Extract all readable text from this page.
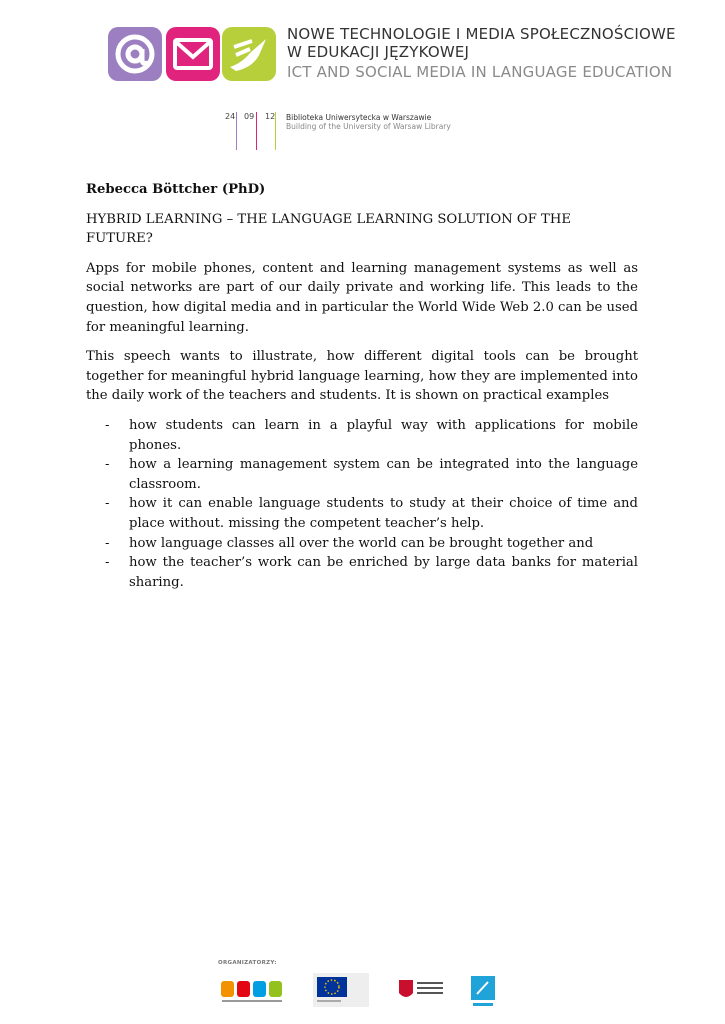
NOWE TECHNOLOGIE I MEDIA SPOŁECZNOŚCIOWE
W EDUKACJI JĘZYKOWEJ
ICT AND SOCIAL MEDIA IN LANGUAGE EDUCATION
24 09 12 Biblioteka Uniwersytecka w Warszawie
Building of the University of Warsaw Library

Rebecca Böttcher (PhD)

HYBRID LEARNING – THE LANGUAGE LEARNING SOLUTION OF THE FUTURE?

Apps for mobile phones, content and learning management systems as well as social networks are part of our daily private and working life. This leads to the question, how digital media and in particular the World Wide Web 2.0 can be used for meaningful learning.

This speech wants to illustrate, how different digital tools can be brought together for meaningful hybrid language learning, how they are implemented into the daily work of the teachers and students. It is shown on practical examples

- how students can learn in a playful way with applications for mobile phones.
- how a learning management system can be integrated into the language classroom.
- how it can enable language students to study at their choice of time and place without. missing the competent teacher’s help.
- how language classes all over the world can be brought together and
- how the teacher’s work can be enriched by large data banks for material sharing.
ORGANIZATORZY:
